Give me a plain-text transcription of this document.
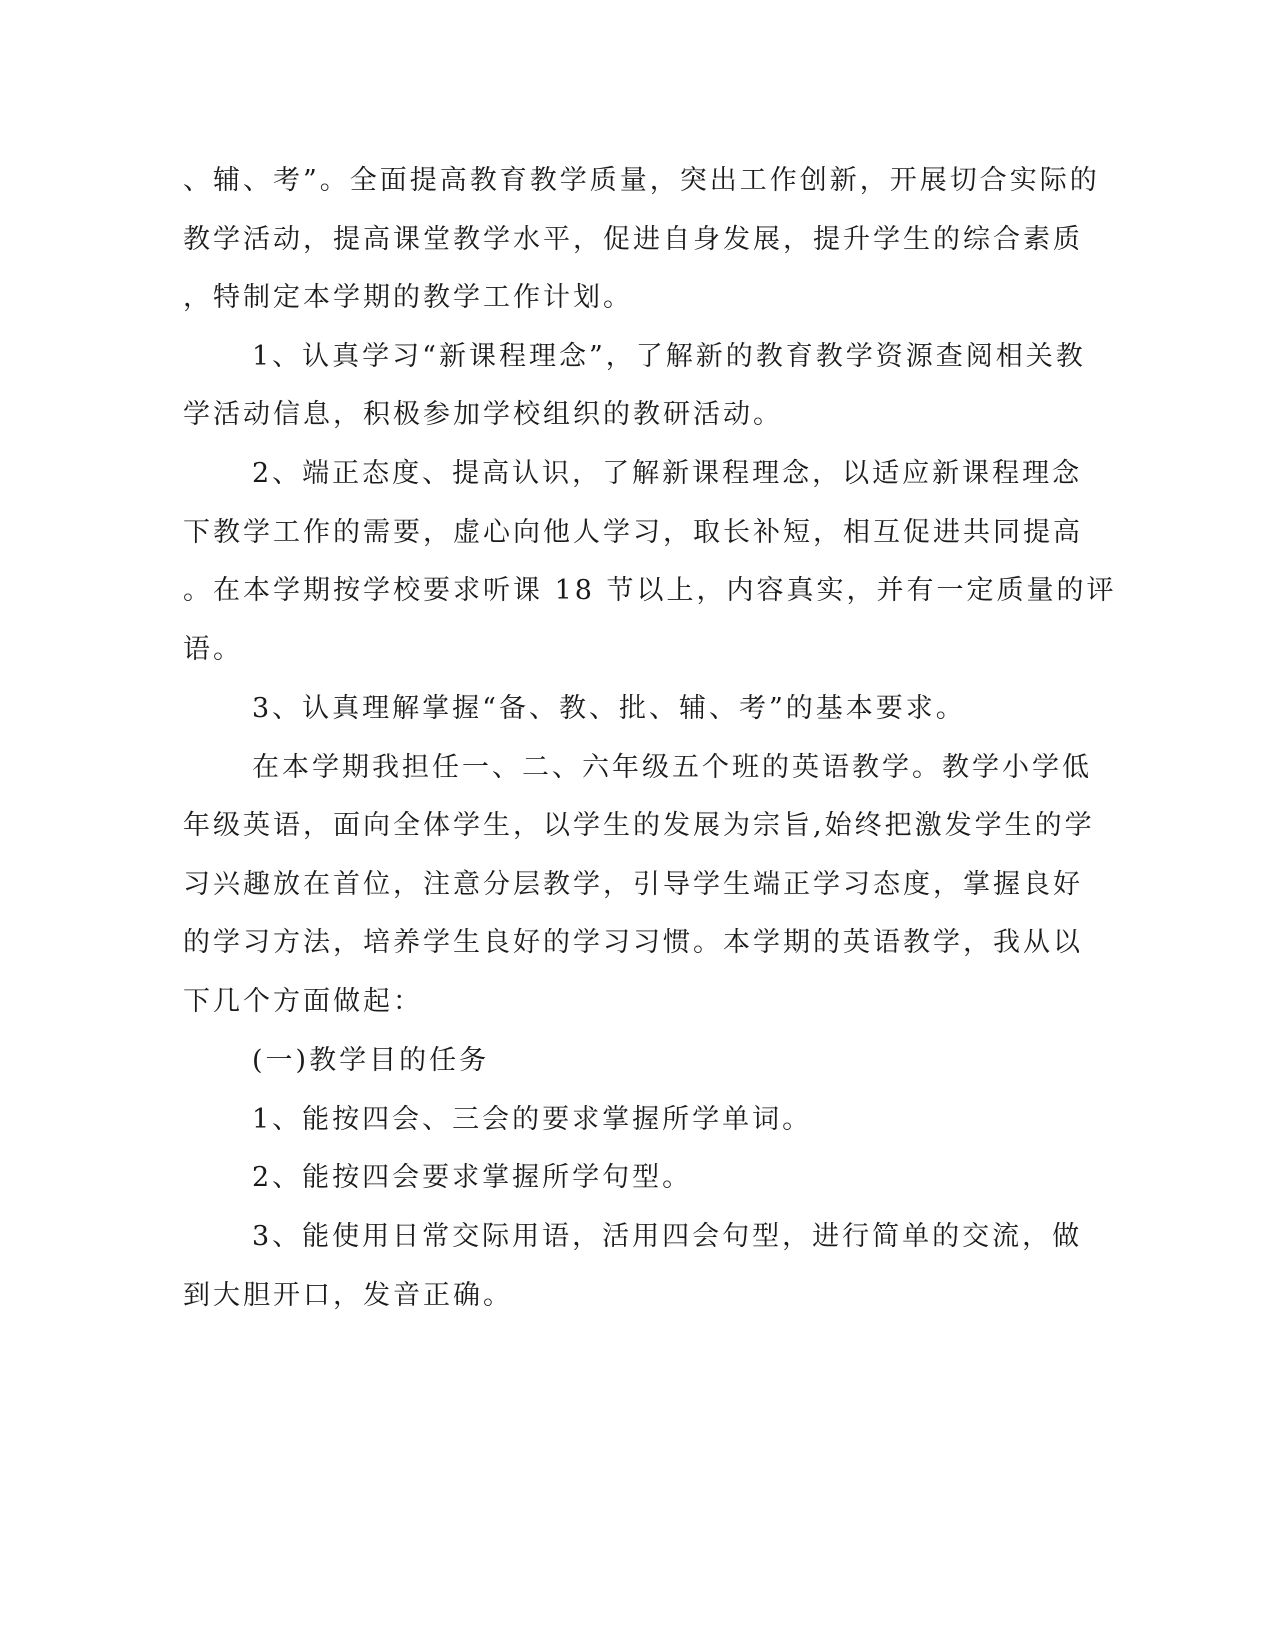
、辅、考”。全面提高教育教学质量，突出工作创新，开展切合实际的
教学活动，提高课堂教学水平，促进自身发展，提升学生的综合素质
，特制定本学期的教学工作计划。
1、认真学习“新课程理念”，了解新的教育教学资源查阅相关教
学活动信息，积极参加学校组织的教研活动。
2、端正态度、提高认识，了解新课程理念，以适应新课程理念
下教学工作的需要，虚心向他人学习，取长补短，相互促进共同提高
。在本学期按学校要求听课 18 节以上，内容真实，并有一定质量的评
语。
3、认真理解掌握“备、教、批、辅、考”的基本要求。
在本学期我担任一、二、六年级五个班的英语教学。教学小学低
年级英语，面向全体学生，以学生的发展为宗旨,始终把激发学生的学
习兴趣放在首位，注意分层教学，引导学生端正学习态度，掌握良好
的学习方法，培养学生良好的学习习惯。本学期的英语教学，我从以
下几个方面做起：
(一)教学目的任务
1、能按四会、三会的要求掌握所学单词。
2、能按四会要求掌握所学句型。
3、能使用日常交际用语，活用四会句型，进行简单的交流，做
到大胆开口，发音正确。
